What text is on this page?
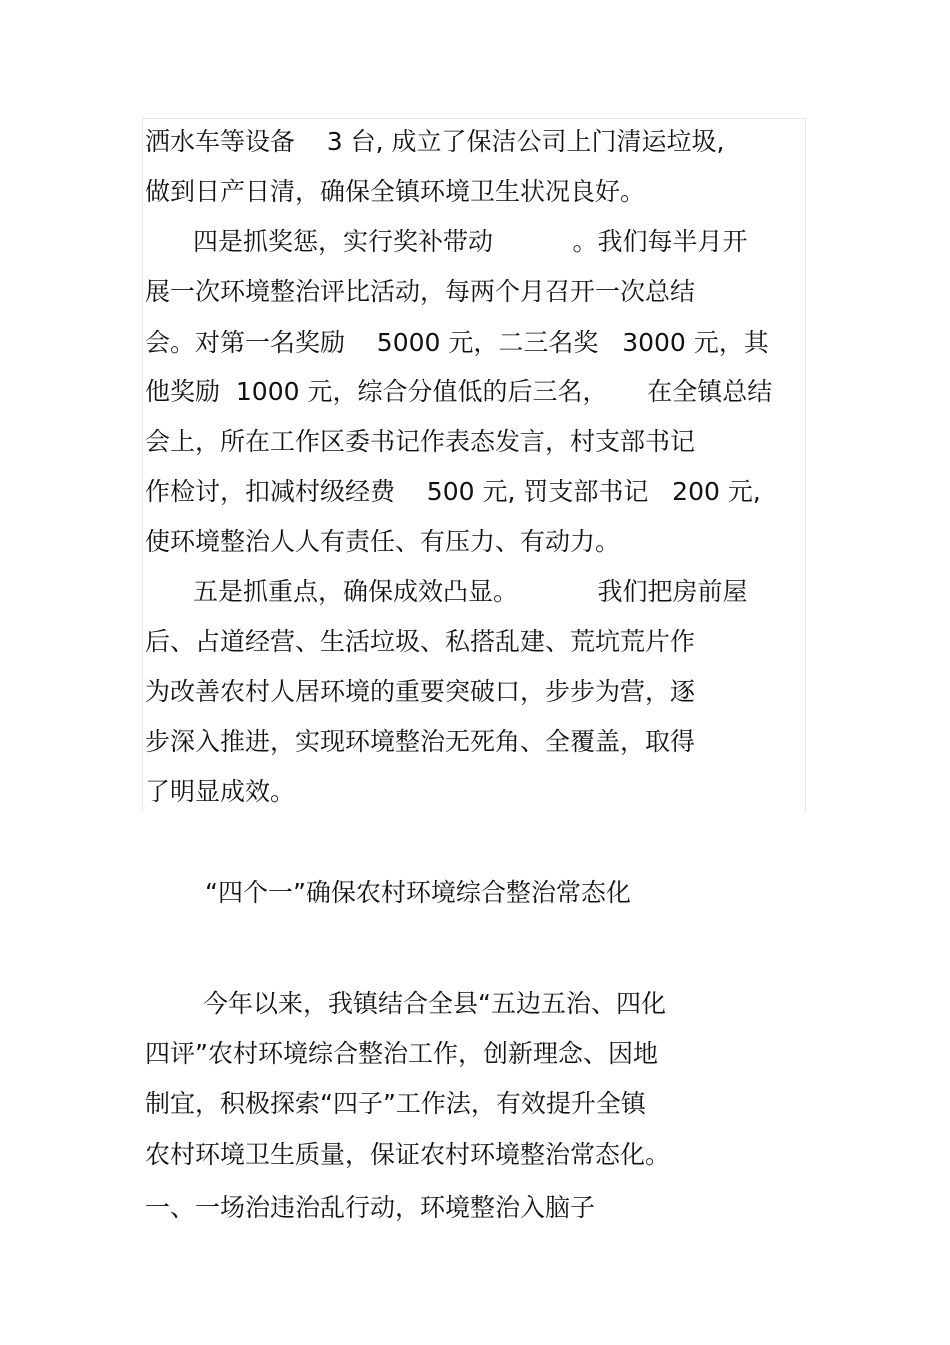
洒水车等设备    3 台, 成立了保洁公司上门清运垃圾,
做到日产日清，确保全镇环境卫生状况良好。
四是抓奖惩，实行奖补带动          。我们每半月开
展一次环境整治评比活动，每两个月召开一次总结
会。对第一名奖励    5000 元，二三名奖   3000 元，其
他奖励  1000 元，综合分值低的后三名，     在全镇总结
会上，所在工作区委书记作表态发言，村支部书记
作检讨，扣减村级经费    500 元, 罚支部书记   200 元,
使环境整治人人有责任、有压力、有动力。
五是抓重点，确保成效凸显。          我们把房前屋
后、占道经营、生活垃圾、私搭乱建、荒坑荒片作
为改善农村人居环境的重要突破口，步步为营，逐
步深入推进，实现环境整治无死角、全覆盖，取得
了明显成效。
“四个一”确保农村环境综合整治常态化
今年以来，我镇结合全县“五边五治、四化
四评”农村环境综合整治工作，创新理念、因地
制宜，积极探索“四子”工作法，有效提升全镇
农村环境卫生质量，保证农村环境整治常态化。
一、一场治违治乱行动，环境整治入脑子
